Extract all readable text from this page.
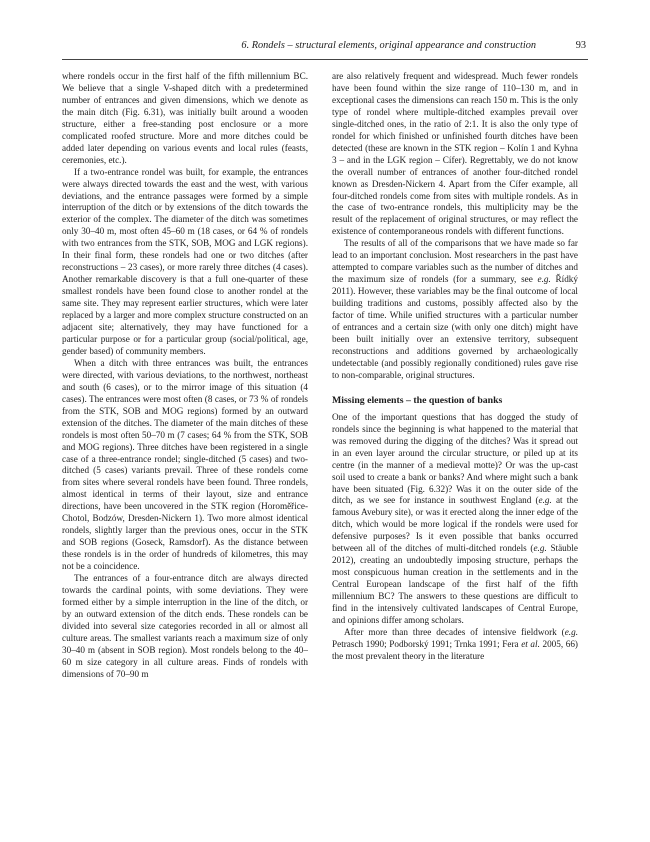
6. Rondels – structural elements, original appearance and construction	93

where rondels occur in the first half of the fifth millennium BC. We believe that a single V-shaped ditch with a predetermined number of entrances and given dimensions, which we denote as the main ditch (Fig. 6.31), was initially built around a wooden structure, either a free-standing post enclosure or a more complicated roofed structure. More and more ditches could be added later depending on various events and local rules (feasts, ceremonies, etc.).

If a two-entrance rondel was built, for example, the entrances were always directed towards the east and the west, with various deviations, and the entrance passages were formed by a simple interruption of the ditch or by extensions of the ditch towards the exterior of the complex. The diameter of the ditch was sometimes only 30–40 m, most often 45–60 m (18 cases, or 64 % of rondels with two entrances from the STK, SOB, MOG and LGK regions). In their final form, these rondels had one or two ditches (after reconstructions – 23 cases), or more rarely three ditches (4 cases). Another remarkable discovery is that a full one-quarter of these smallest rondels have been found close to another rondel at the same site. They may represent earlier structures, which were later replaced by a larger and more complex structure constructed on an adjacent site; alternatively, they may have functioned for a particular purpose or for a particular group (social/political, age, gender based) of community members.

When a ditch with three entrances was built, the entrances were directed, with various deviations, to the northwest, northeast and south (6 cases), or to the mirror image of this situation (4 cases). The entrances were most often (8 cases, or 73 % of rondels from the STK, SOB and MOG regions) formed by an outward extension of the ditches. The diameter of the main ditches of these rondels is most often 50–70 m (7 cases; 64 % from the STK, SOB and MOG regions). Three ditches have been registered in a single case of a three-entrance rondel; single-ditched (5 cases) and two-ditched (5 cases) variants prevail. Three of these rondels come from sites where several rondels have been found. Three rondels, almost identical in terms of their layout, size and entrance directions, have been uncovered in the STK region (Horoměřice-Chotol, Bodzów, Dresden-Nickern 1). Two more almost identical rondels, slightly larger than the previous ones, occur in the STK and SOB regions (Goseck, Ramsdorf). As the distance between these rondels is in the order of hundreds of kilometres, this may not be a coincidence.

The entrances of a four-entrance ditch are always directed towards the cardinal points, with some deviations. They were formed either by a simple interruption in the line of the ditch, or by an outward extension of the ditch ends. These rondels can be divided into several size categories recorded in all or almost all culture areas. The smallest variants reach a maximum size of only 30–40 m (absent in SOB region). Most rondels belong to the 40–60 m size category in all culture areas. Finds of rondels with dimensions of 70–90 m

are also relatively frequent and widespread. Much fewer rondels have been found within the size range of 110–130 m, and in exceptional cases the dimensions can reach 150 m. This is the only type of rondel where multiple-ditched examples prevail over single-ditched ones, in the ratio of 2:1. It is also the only type of rondel for which finished or unfinished fourth ditches have been detected (these are known in the STK region – Kolín 1 and Kyhna 3 – and in the LGK region – Cífer). Regrettably, we do not know the overall number of entrances of another four-ditched rondel known as Dresden-Nickern 4. Apart from the Cífer example, all four-ditched rondels come from sites with multiple rondels. As in the case of two-entrance rondels, this multiplicity may be the result of the replacement of original structures, or may reflect the existence of contemporaneous rondels with different functions.

The results of all of the comparisons that we have made so far lead to an important conclusion. Most researchers in the past have attempted to compare variables such as the number of ditches and the maximum size of rondels (for a summary, see e.g. Řídký 2011). However, these variables may be the final outcome of local building traditions and customs, possibly affected also by the factor of time. While unified structures with a particular number of entrances and a certain size (with only one ditch) might have been built initially over an extensive territory, subsequent reconstructions and additions governed by archaeologically undetectable (and possibly regionally conditioned) rules gave rise to non-comparable, original structures.

Missing elements – the question of banks

One of the important questions that has dogged the study of rondels since the beginning is what happened to the material that was removed during the digging of the ditches? Was it spread out in an even layer around the circular structure, or piled up at its centre (in the manner of a medieval motte)? Or was the up-cast soil used to create a bank or banks? And where might such a bank have been situated (Fig. 6.32)? Was it on the outer side of the ditch, as we see for instance in southwest England (e.g. at the famous Avebury site), or was it erected along the inner edge of the ditch, which would be more logical if the rondels were used for defensive purposes? Is it even possible that banks occurred between all of the ditches of multi-ditched rondels (e.g. Stäuble 2012), creating an undoubtedly imposing structure, perhaps the most conspicuous human creation in the settlements and in the Central European landscape of the first half of the fifth millennium BC? The answers to these questions are difficult to find in the intensively cultivated landscapes of Central Europe, and opinions differ among scholars.

After more than three decades of intensive fieldwork (e.g. Petrasch 1990; Podborský 1991; Trnka 1991; Fera et al. 2005, 66) the most prevalent theory in the literature
